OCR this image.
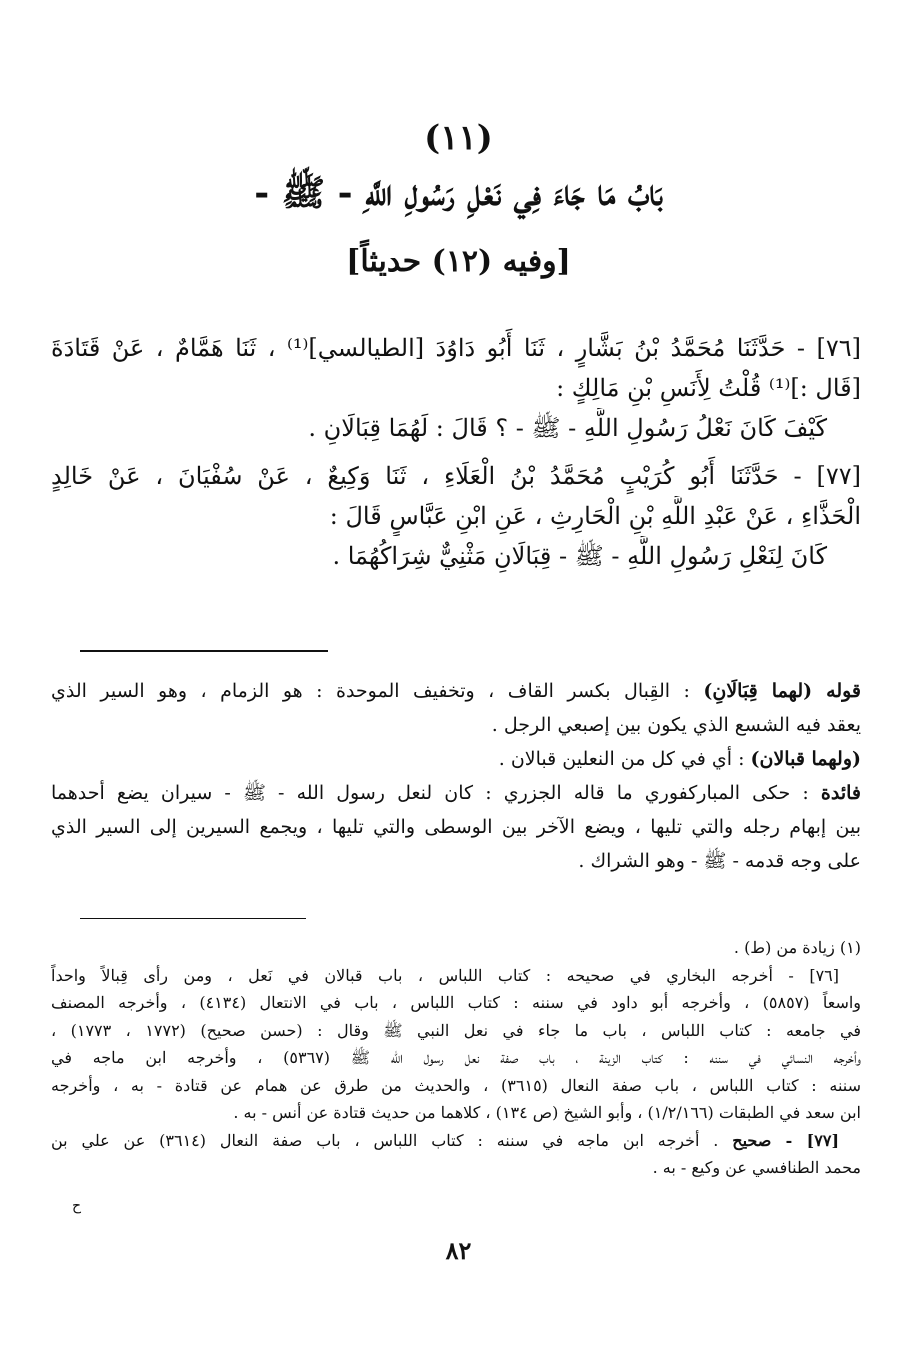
(١١)
بَابُ مَا جَاءَ فِي نَعْلِ رَسُولِ اللَّهِ - ﷺ -
[وفيه (١٢) حديثاً]
[٧٦] - حَدَّثَنَا مُحَمَّدُ بْنُ بَشَّارٍ ، ثَنَا أَبُو دَاوُدَ [الطيالسي]⁽¹⁾ ، ثَنَا هَمَّامٌ ، عَنْ قَتَادَةَ
[قَال :]⁽¹⁾ قُلْتُ لِأَنَسِ بْنِ مَالِكٍ :
كَيْفَ كَانَ نَعْلُ رَسُولِ اللَّهِ - ﷺ - ؟ قَالَ : لَهُمَا قِبَالَانِ .
[٧٧] - حَدَّثَنَا أَبُو كُرَيْبٍ مُحَمَّدُ بْنُ الْعَلَاءِ ، ثَنَا وَكِيعٌ ، عَنْ سُفْيَانَ ، عَنْ خَالِدٍ
الْحَذَّاءِ ، عَنْ عَبْدِ اللَّهِ بْنِ الْحَارِثِ ، عَنِ ابْنِ عَبَّاسٍ قَالَ :
كَانَ لِنَعْلِ رَسُولِ اللَّهِ - ﷺ - قِبَالَانِ مَثْنِيٌّ شِرَاكُهُمَا .
قوله (لهما قِبَالَانِ) : القِبال بكسر القاف ، وتخفيف الموحدة : هو الزمام ، وهو السير الذي
يعقد فيه الشسع الذي يكون بين إصبعي الرجل .
(ولهما قبالان) : أي في كل من النعلين قبالان .
فائدة : حكى المباركفوري ما قاله الجزري : كان لنعل رسول الله - ﷺ - سيران يضع أحدهما
بين إبهام رجله والتي تليها ، ويضع الآخر بين الوسطى والتي تليها ، ويجمع السيرين إلى السير الذي
على وجه قدمه - ﷺ - وهو الشراك .
(١) زيادة من (ط) .
[٧٦] - أخرجه البخاري في صحيحه : كتاب اللباس ، باب قبالان في نَعل ، ومن رأى قِبالاً واحداً
واسعاً (٥٨٥٧) ، وأخرجه أبو داود في سننه : كتاب اللباس ، باب في الانتعال (٤١٣٤) ، وأخرجه المصنف
في جامعه : كتاب اللباس ، باب ما جاء في نعل النبي ﷺ وقال : (حسن صحيح) (١٧٧٢ ، ١٧٧٣) ،
وأخرجه النسائي في سننه : كتاب الزينة ، باب صفة نعل رسول الله ﷺ (٥٣٦٧) ، وأخرجه ابن ماجه في
سننه : كتاب اللباس ، باب صفة النعال (٣٦١٥) ، والحديث من طرق عن همام عن قتادة - به ، وأخرجه
ابن سعد في الطبقات (١/٢/١٦٦) ، وأبو الشيخ (ص ١٣٤) ، كلاهما من حديث قتادة عن أنس - به .
[٧٧] - صحيح . أخرجه ابن ماجه في سننه : كتاب اللباس ، باب صفة النعال (٣٦١٤) عن علي بن
محمد الطنافسي عن وكيع - به .
ح
٨٢
